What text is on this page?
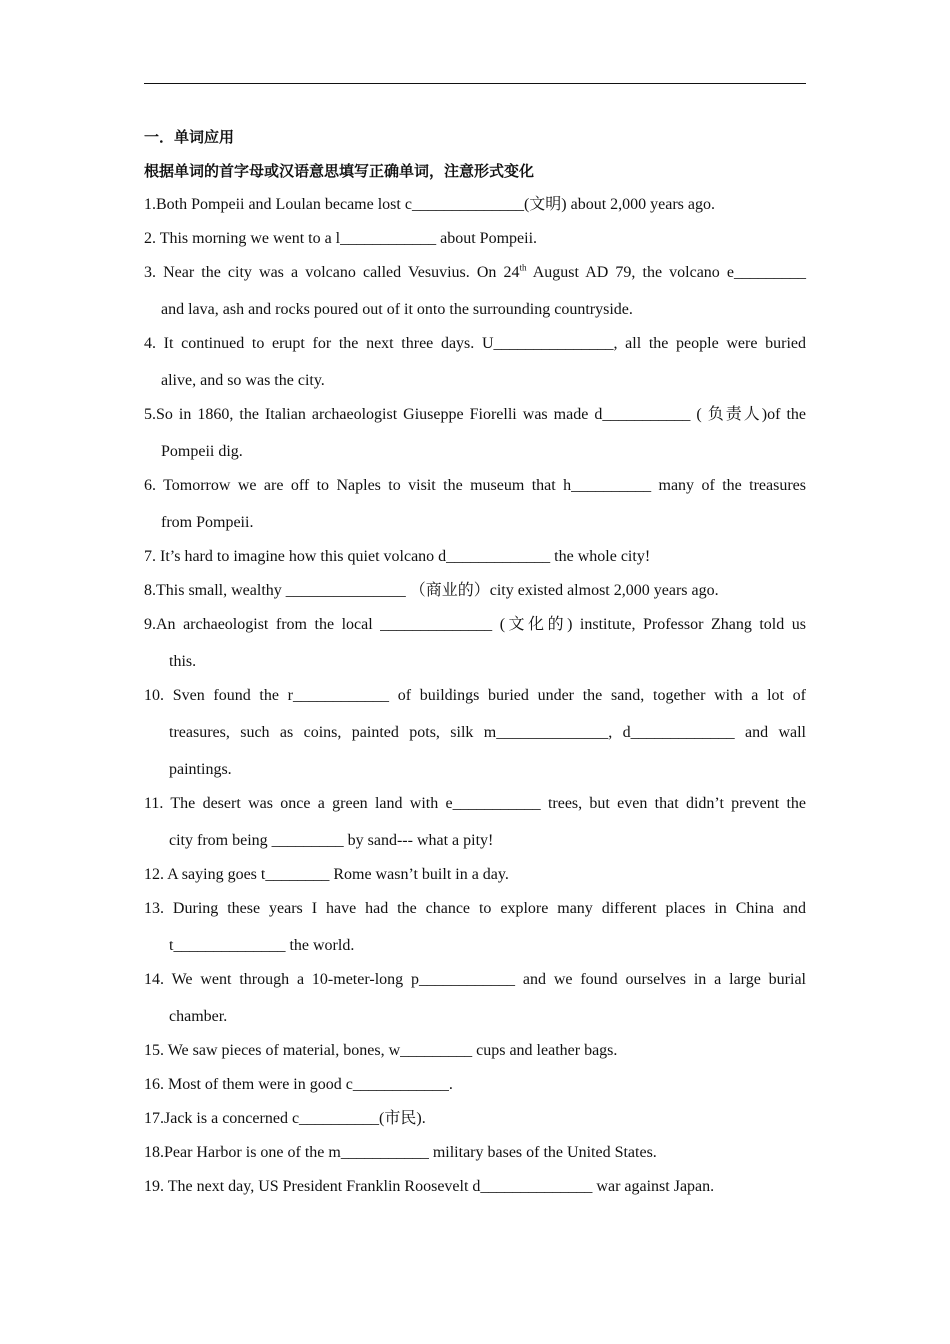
一．单词应用
根据单词的首字母或汉语意思填写正确单词，注意形式变化
1.Both Pompeii and Loulan became lost c______________(文明) about 2,000 years ago.
2. This morning we went to a l____________ about Pompeii.
3. Near the city was a volcano called Vesuvius. On 24th August AD 79, the volcano e_________
and lava, ash and rocks poured out of it onto the surrounding countryside.
4. It continued to erupt for the next three days. U_______________, all the people were buried
alive, and so was the city.
5.So in 1860, the Italian archaeologist Giuseppe Fiorelli was made d___________ ( 负责人)of the
Pompeii dig.
6. Tomorrow we are off to Naples to visit the museum that h__________ many of the treasures
from Pompeii.
7. It’s hard to imagine how this quiet volcano d_____________ the whole city!
8.This small, wealthy _______________ （商业的）city existed almost 2,000 years ago.
9.An archaeologist from the local ______________ (文化的) institute, Professor Zhang told us
this.
10. Sven found the r____________ of buildings buried under the sand, together with a lot of
treasures, such as coins, painted pots, silk m______________, d_____________ and wall
paintings.
11. The desert was once a green land with e___________ trees, but even that didn’t prevent the
city from being _________ by sand--- what a pity!
12. A saying goes t________ Rome wasn’t built in a day.
13. During these years I have had the chance to explore many different places in China and
t______________ the world.
14. We went through a 10-meter-long p____________ and we found ourselves in a large burial
chamber.
15. We saw pieces of material, bones, w_________ cups and leather bags.
16. Most of them were in good c____________.
17.Jack is a concerned c__________(市民).
18.Pear Harbor is one of the m___________ military bases of the United States.
19. The next day, US President Franklin Roosevelt d______________ war against Japan.
